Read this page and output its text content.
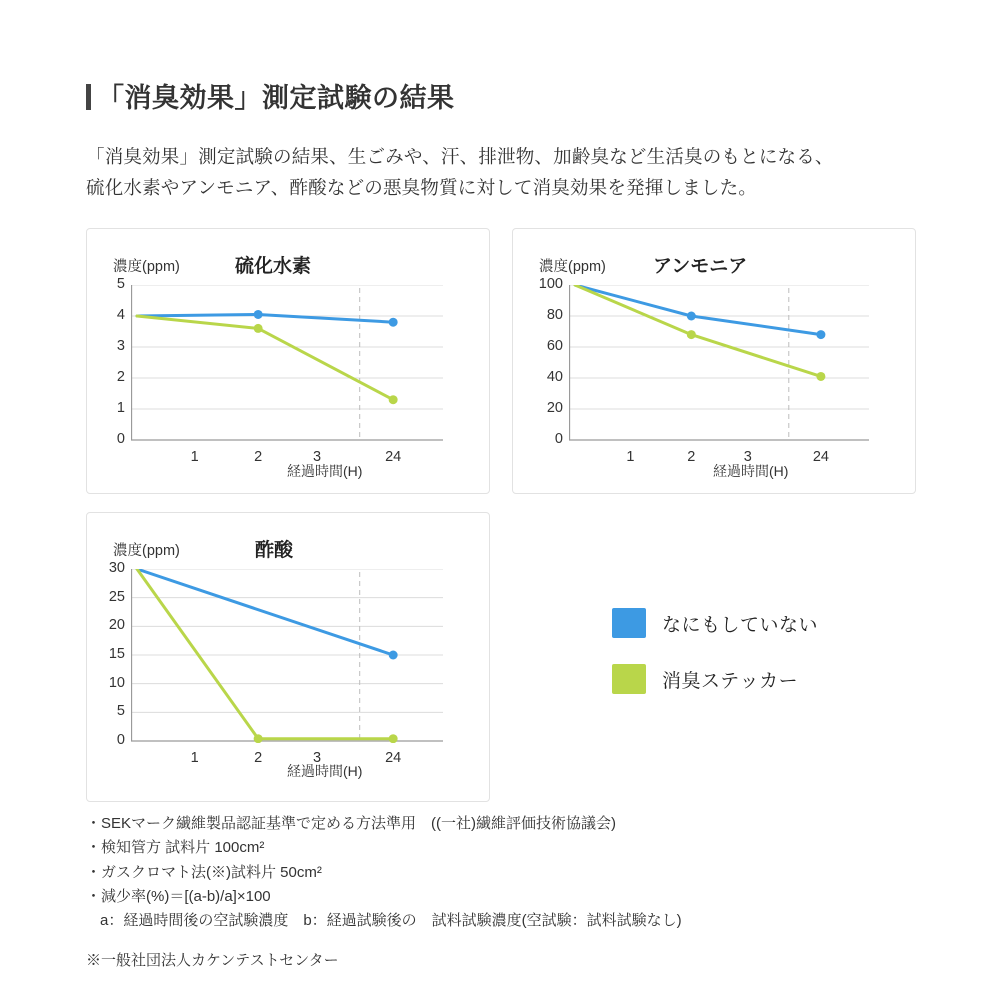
「消臭効果」測定試験の結果
「消臭効果」測定試験の結果、生ごみや、汗、排泄物、加齢臭など生活臭のもとになる、
硫化水素やアンモニア、酢酸などの悪臭物質に対して消臭効果を発揮しました。
濃度(ppm)	硫化水素
経過時間(H)
0
1
2
3
4
5
1	2	3	24
濃度(ppm) アンモニア
経過時間(H)
0
20
40
60
80
100
1	2	3	24
濃度(ppm)	酢酸
経過時間(H)
0
5
10
15
20
25
30
1	2	3	24
なにもしていない
消臭ステッカー
・SEKマーク繊維製品認証基準で定める方法準用　((一社)繊維評価技術協議会)
・検知管方 試料片 100cm²
・ガスクロマト法(※)試料片 50cm²
・減少率(%)＝[(a-b)/a]×100
a：経過時間後の空試験濃度　b：経過試験後の　試料試験濃度(空試験：試料試験なし)
※一般社団法人カケンテストセンター
